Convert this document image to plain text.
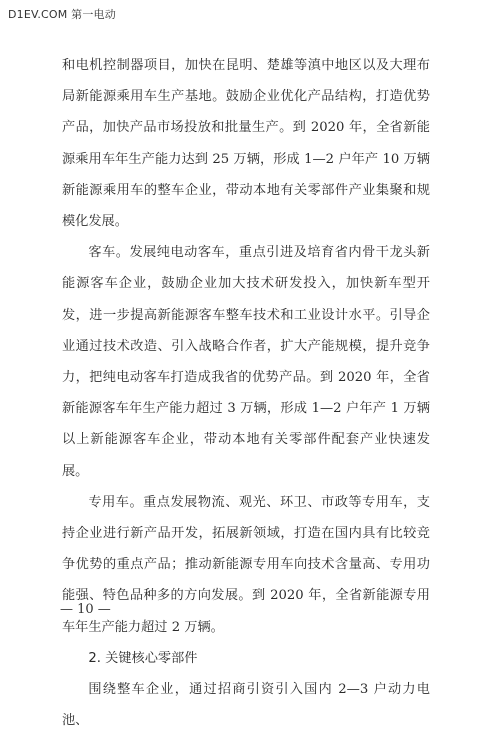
D1EV.COM 第一电动

和电机控制器项目，加快在昆明、楚雄等滇中地区以及大理布局新能源乘用车生产基地。鼓励企业优化产品结构，打造优势产品，加快产品市场投放和批量生产。到 2020 年，全省新能源乘用车年生产能力达到 25 万辆，形成 1—2 户年产 10 万辆新能源乘用车的整车企业，带动本地有关零部件产业集聚和规模化发展。

客车。发展纯电动客车，重点引进及培育省内骨干龙头新能源客车企业，鼓励企业加大技术研发投入，加快新车型开发，进一步提高新能源客车整车技术和工业设计水平。引导企业通过技术改造、引入战略合作者，扩大产能规模，提升竞争力，把纯电动客车打造成我省的优势产品。到 2020 年，全省新能源客车年生产能力超过 3 万辆，形成 1—2 户年产 1 万辆以上新能源客车企业，带动本地有关零部件配套产业快速发展。

专用车。重点发展物流、观光、环卫、市政等专用车，支持企业进行新产品开发，拓展新领域，打造在国内具有比较竞争优势的重点产品；推动新能源专用车向技术含量高、专用功能强、特色品种多的方向发展。到 2020 年，全省新能源专用车年生产能力超过 2 万辆。

2. 关键核心零部件

围绕整车企业，通过招商引资引入国内 2—3 户动力电池、

— 10 —
